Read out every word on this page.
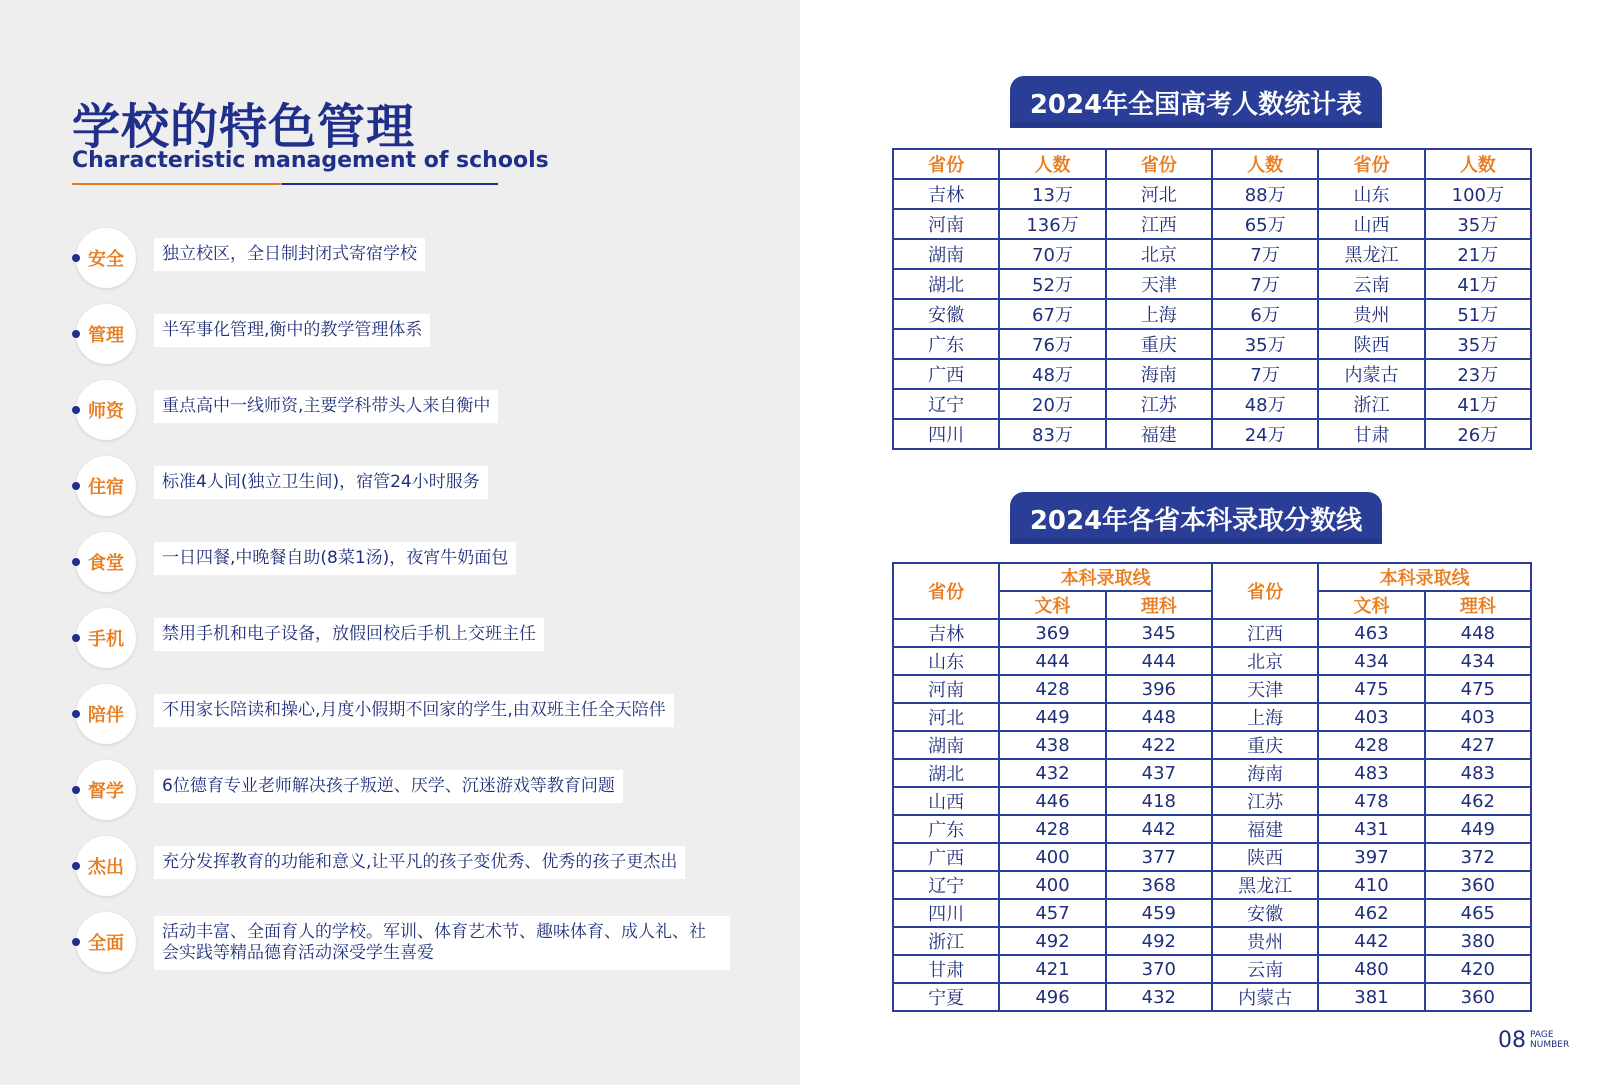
学校的特色管理
Characteristic management of schools
安全	独立校区，全日制封闭式寄宿学校
管理	半军事化管理,衡中的教学管理体系
师资	重点高中一线师资,主要学科带头人来自衡中
住宿	标准4人间(独立卫生间)，宿管24小时服务
食堂	一日四餐,中晚餐自助(8菜1汤)，夜宵牛奶面包
手机	禁用手机和电子设备，放假回校后手机上交班主任
陪伴	不用家长陪读和操心,月度小假期不回家的学生,由双班主任全天陪伴
督学	6位德育专业老师解决孩子叛逆、厌学、沉迷游戏等教育问题
杰出	充分发挥教育的功能和意义,让平凡的孩子变优秀、优秀的孩子更杰出
全面
活动丰富、全面育人的学校。军训、体育艺术节、趣味体育、成人礼、社会实践等精品德育活动深受学生喜爱
2024年全国高考人数统计表
省份	人数	省份	人数	省份	人数
吉林	13万	河北	88万	山东	100万
河南	136万	江西	65万	山西	35万
湖南	70万	北京	7万	黑龙江	21万
湖北	52万	天津	7万	云南	41万
安徽	67万	上海	6万	贵州	51万
广东	76万	重庆	35万	陕西	35万
广西	48万	海南	7万	内蒙古	23万
辽宁	20万	江苏	48万	浙江	41万
四川	83万	福建	24万	甘肃	26万
2024年各省本科录取分数线
省份	本科录取线		省份	本科录取线	
	文科	理科		文科	理科
吉林	369	345	江西	463	448
山东	444	444	北京	434	434
河南	428	396	天津	475	475
河北	449	448	上海	403	403
湖南	438	422	重庆	428	427
湖北	432	437	海南	483	483
山西	446	418	江苏	478	462
广东	428	442	福建	431	449
广西	400	377	陕西	397	372
辽宁	400	368	黑龙江	410	360
四川	457	459	安徽	462	465
浙江	492	492	贵州	442	380
甘肃	421	370	云南	480	420
宁夏	496	432	内蒙古	381	360
08 PAGE
NUMBER
